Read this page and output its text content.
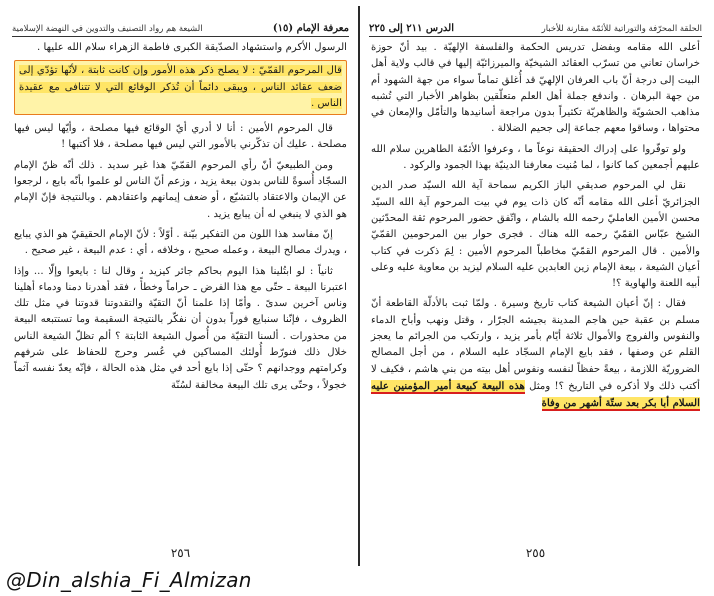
معرفة الإمام (١٥)
الشيعة هم رواد التصنيف والتدوين في النهضة الإسلامية

الرسول الأكرم واستشهاد الصدّيقة الكبرى فاطمة الزهراء سلام الله عليها .

قال المرحوم القمّيّ : لا يصلح ذكر هذه الأمور وإن كانت ثابتة ، لأنّها تؤدّي إلى ضعف عقائد الناس ، ويبقى دائماً أن تُذكر الوقائع التي لا تتنافى مع عقيدة الناس .

قال المرحوم الأمين : أنا لا أدري أيّ الوقائع فيها مصلحة ، وأيّها ليس فيها مصلحة . عليك أن تذكّرني بالأمور التي ليس فيها مصلحة ، فلا أكتبها !

ومن الطبيعيّ أنّ رأي المرحوم القمّيّ هذا غير سديد . ذلك أنّه ظنّ الإمام السجّاد أُسوةً للناس بدون بيعة يزيد ، وزعم أنّ الناس لو علموا بأنّه بايع ، لرجعوا عن الإيمان والاعتقاد بالتشيّع ، أو ضعف إيمانهم واعتقادهم . وبالنتيجة فإنّ الإمام هو الذي لا ينبغي له أن يبايع يزيد .

إنّ مفاسد هذا اللون من التفكير بيّنة . أوّلاً : لأنّ الإمام الحقيقيّ هو الذي يبايع ، ويدرك مصالح البيعة ، وعمله صحيح ، وخلافه ، أي : عدم البيعة ، غير صحيح .

ثانياً : لو ابتُلينا هذا اليوم بحاكم جائر كيزيد ، وقال لنا : بايعوا وإلّا ... وإذا اعتبرنا البيعة ـ حتّى مع هذا الفرض ـ حراماً وخطأً ، فقد أهدرنا دمنا ودماء أهلينا وناس آخرين سدىً . وأمّا إذا علمنا أنّ التقيّة والتقدوتنا قدوتنا في مثل تلك الظروف ، فإنّنا سنبايع فوراً بدون أن نفكّر بالنتيجة السقيمة وما تستتبعه البيعة من محذورات . ألسنا التقيّة من أُصول الشيعة الثابتة ؟ ألم تظلّ الشيعة الناس خلال ذلك فنورّط أُولئك المساكين في عُسر وحرج للحفاظ على شرفهم وكرامتهم ووجدانهم ؟ حتّى إذا بايع أحد في مثل هذه الحالة ، فإنّه يعدّ نفسه آثماً خجولاً ، وحتّى يرى تلك البيعة مخالفة لسُنّة

٢٥٦
الحلقة المحرّفة والتوراتية للأئمّة مقارنة للأخبار
الدرس ٢١١ إلى ٢٢٥

أعلى الله مقامه وبفضل تدريس الحكمة والفلسفة الإلهيّة . بيد أنّ حوزة خراسان تعاني من تسرّب العقائد الشيخيّة والميرزائيّة إليها في قالب ولاية أهل البيت إلى درجة أنّ باب العرفان الإلهيّ قد أُغلق تماماً سواء من جهة الشهود أم من جهة البرهان . واندفع جملة أهل العلم متعلّقين بظواهر الأخبار التي تُشبه مذاهب الحشويّة والظاهريّة تكثيراً بدون مراجعة أسانيدها والتأمّل والإمعان في محتواها ، وساقوا معهم جماعة إلى جحيم الضلالة .

ولو توفّروا على إدراك الحقيقة نوعاً ما ، وعرفوا الأئمّة الطاهرين سلام الله عليهم أجمعين كما كانوا ، لما مُنيت معارفنا الدينيّة بهذا الجمود والركود .

نقل لي المرحوم صديقي الباز الكريم سماحة آية الله السيّد صدر الدين الجزائريّ أعلى الله مقامه أنّه كان ذات يوم في بيت المرحوم آية الله السيّد محسن الأمين العامليّ رحمه الله بالشام ، واتّفق حضور المرحوم ثقة المحدّثين الشيخ عبّاس القمّيّ رحمه الله هناك . فجرى حوار بين المرحومين القمّيّ والأمين . قال المرحوم القمّيّ مخاطباً المرحوم الأمين : لِمَ ذكرت في كتاب أعيان الشيعة ، بيعة الإمام زين العابدين عليه السلام ليزيد بن معاوية عليه وعلى أبيه اللعنة والهاوية ؟!

فقال : إنّ أعيان الشيعة كتاب تاريخ وسيرة . ولمّا ثبت بالأدلّة القاطعة أنّ مسلم بن عقبة حين هاجم المدينة بجيشه الجرّار ، وقتل ونهب وأباح الدماء والنفوس والفروج والأموال ثلاثة أيّام بأمر يزيد ، وارتكب من الجرائم ما يعجز القلم عن وصفها ، فقد بايع الإمام السجّاد عليه السلام ، من أجل المصالح الضروريّة اللازمة ، بيعةً حفظاً لنفسه ونفوس أهل بيته من بني هاشم ، فكيف لا أكتب ذلك ولا أذكره في التاريخ ؟! ومثل هذه البيعة كبيعة أمير المؤمنين عليه السلام أبا بكر بعد ستّة أشهر من وفاة

٢٥٥
@Din_alshia_Fi_Almizan
